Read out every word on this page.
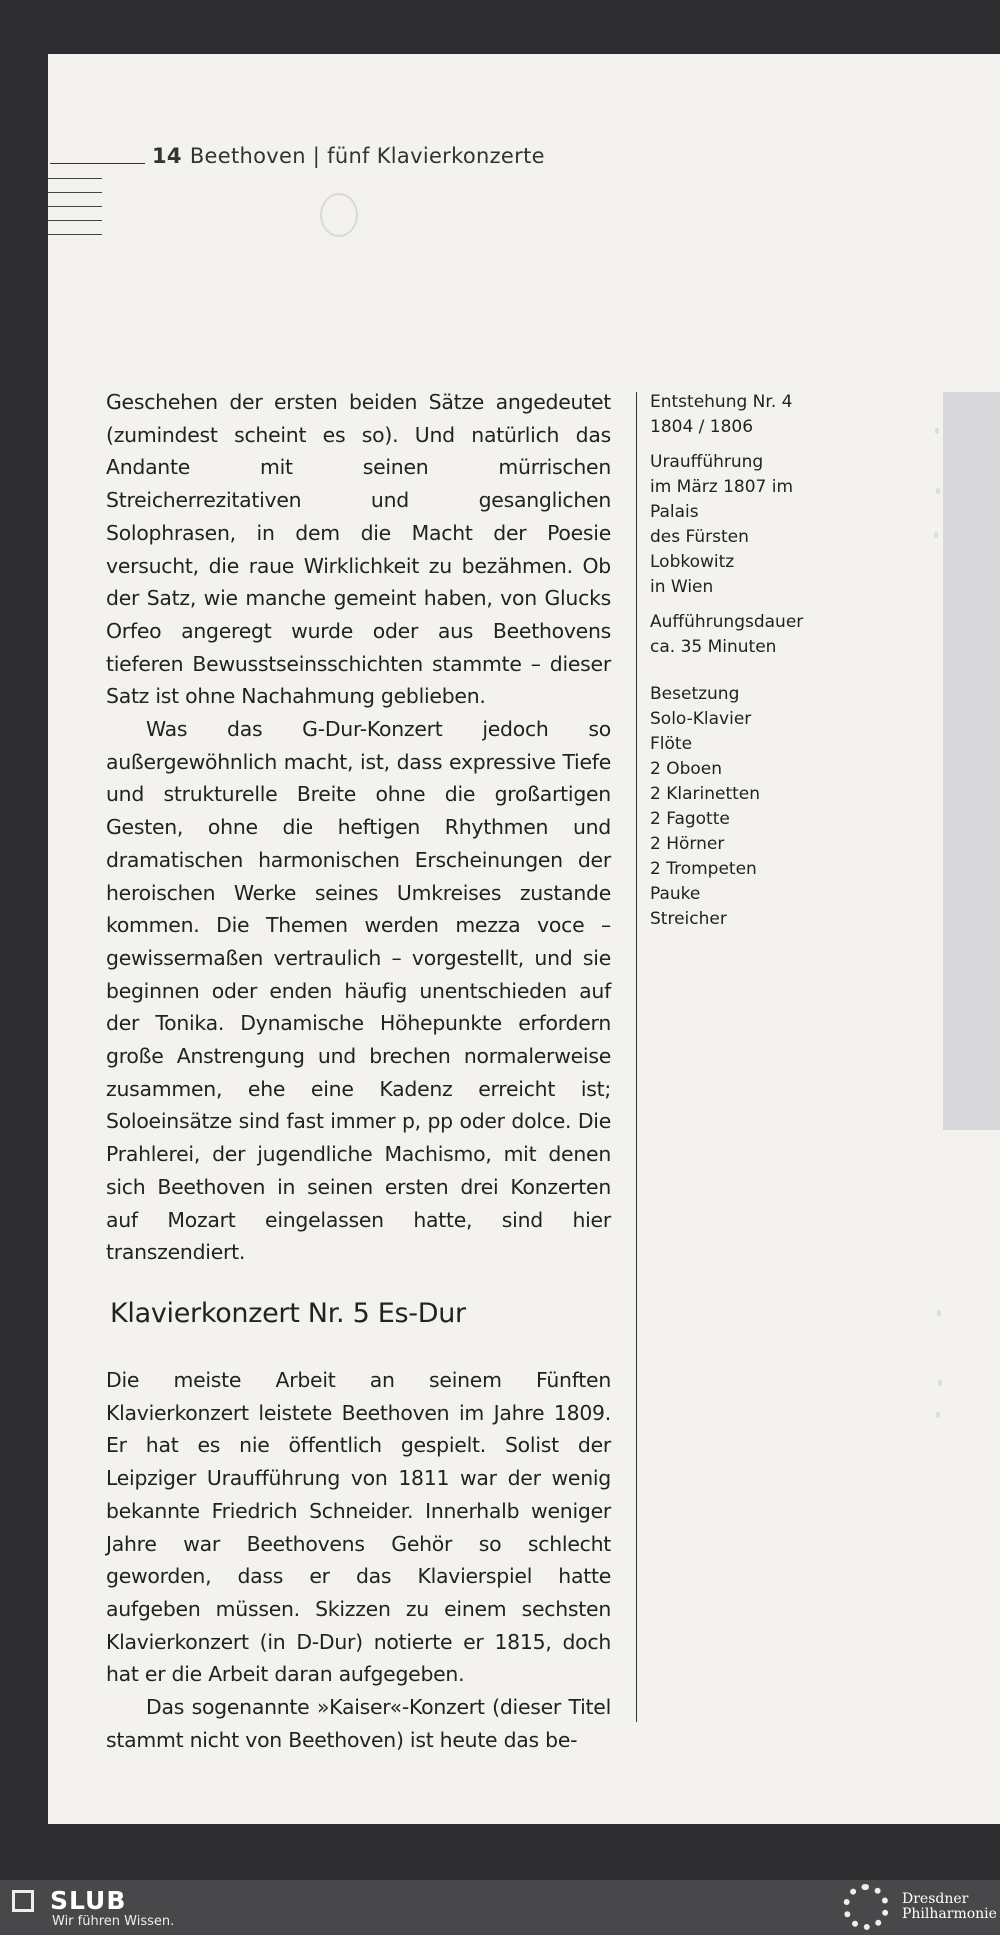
14 Beethoven | fünf Klavierkonzerte

Geschehen der ersten beiden Sätze angedeutet (zumindest scheint es so). Und natürlich das Andante mit seinen mürrischen Streicherrezitativen und gesanglichen Solophrasen, in dem die Macht der Poesie versucht, die raue Wirklichkeit zu bezähmen. Ob der Satz, wie manche gemeint haben, von Glucks Orfeo angeregt wurde oder aus Beethovens tieferen Bewusstseinsschichten stammte – dieser Satz ist ohne Nachahmung geblieben.

Was das G-Dur-Konzert jedoch so außergewöhnlich macht, ist, dass expressive Tiefe und strukturelle Breite ohne die großartigen Gesten, ohne die heftigen Rhythmen und dramatischen harmonischen Erscheinungen der heroischen Werke seines Umkreises zustande kommen. Die Themen werden mezza voce – gewissermaßen vertraulich – vorgestellt, und sie beginnen oder enden häufig unentschieden auf der Tonika. Dynamische Höhepunkte erfordern große Anstrengung und brechen normalerweise zusammen, ehe eine Kadenz erreicht ist; Soloeinsätze sind fast immer p, pp oder dolce. Die Prahlerei, der jugendliche Machismo, mit denen sich Beethoven in seinen ersten drei Konzerten auf Mozart eingelassen hatte, sind hier transzendiert.

Klavierkonzert Nr. 5 Es-Dur

Die meiste Arbeit an seinem Fünften Klavierkonzert leistete Beethoven im Jahre 1809. Er hat es nie öffentlich gespielt. Solist der Leipziger Uraufführung von 1811 war der wenig bekannte Friedrich Schneider. Innerhalb weniger Jahre war Beethovens Gehör so schlecht geworden, dass er das Klavierspiel hatte aufgeben müssen. Skizzen zu einem sechsten Klavierkonzert (in D-Dur) notierte er 1815, doch hat er die Arbeit daran aufgegeben.

Das sogenannte »Kaiser«-Konzert (dieser Titel stammt nicht von Beethoven) ist heute das be-

Entstehung Nr. 4
1804 / 1806
Uraufführung
im März 1807 im Palais
des Fürsten Lobkowitz
in Wien
Aufführungsdauer
ca. 35 Minuten
Besetzung
Solo-Klavier
Flöte
2 Oboen
2 Klarinetten
2 Fagotte
2 Hörner
2 Trompeten
Pauke
Streicher
SLUB
Wir führen Wissen.
Dresdner
Philharmonie
